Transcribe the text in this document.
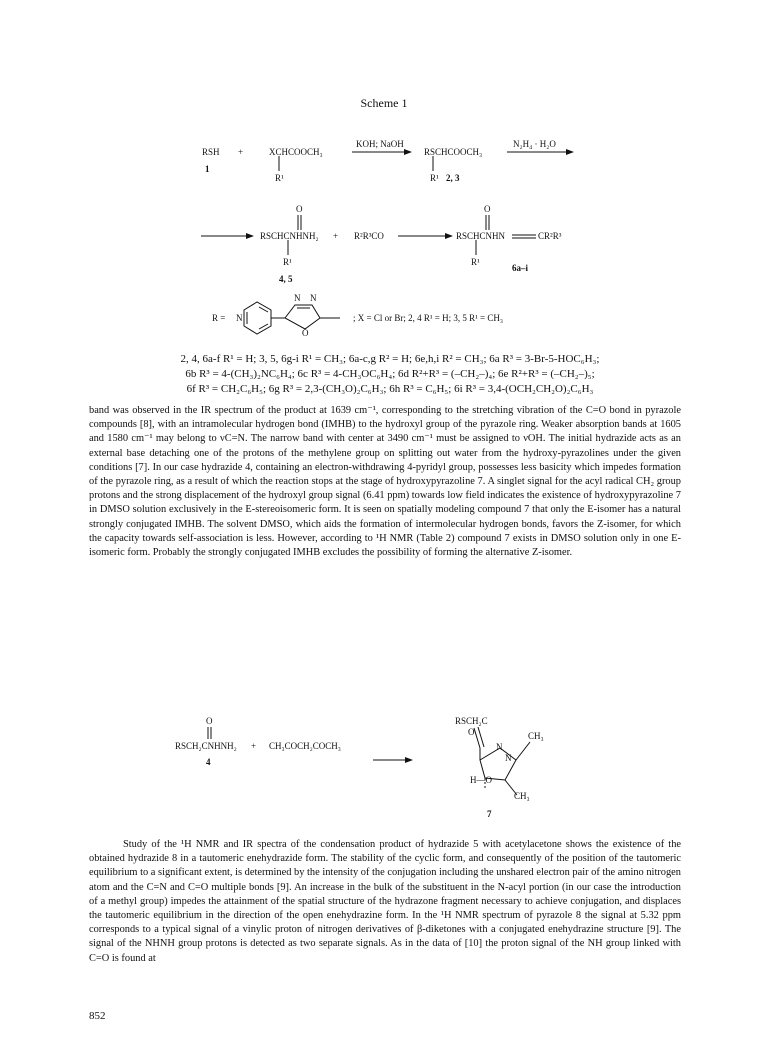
Scheme 1
RSH +	XCHCOOCH₃
R¹
1
KOH; NaOH
RSCHCOOCH₃
R¹ 2, 3
N₂H₄ · H₂O
O
RSCHCNHNH₂
R¹
4, 5
+ R²R³CO
O
RSCHCNHN	CR²R³
R¹
6a–i
R = N
N N
O
; X = Cl or Br; 2, 4 R¹ = H; 3, 5 R¹ = CH₃
2, 4, 6a-f R¹ = H; 3, 5, 6g-i R¹ = CH₃; 6a-c,g R² = H; 6e,h,i R² = CH₃; 6a R³ = 3-Br-5-HOC₆H₃;
6b R³ = 4-(CH₃)₂NC₆H₄; 6c R³ = 4-CH₃OC₆H₄; 6d R²+R³ = (–CH₂–)₄; 6e R²+R³ = (–CH₂–)₅;
6f R³ = CH₂C₆H₅; 6g R³ = 2,3-(CH₃O)₂C₆H₃; 6h R³ = C₆H₅; 6i R³ = 3,4-(OCH₂CH₂O)₂C₆H₃
band was observed in the IR spectrum of the product at 1639 cm⁻¹, corresponding to the stretching vibration of the C=O bond in pyrazole compounds [8], with an intramolecular hydrogen bond (IMHB) to the hydroxyl group of the pyrazole ring. Weaker absorption bands at 1605 and 1580 cm⁻¹ may belong to νC=N. The narrow band with center at 3490 cm⁻¹ must be assigned to νOH. The initial hydrazide acts as an external base detaching one of the protons of the methylene group on splitting out water from the hydroxy-pyrazolines under the given conditions [7]. In our case hydrazide 4, containing an electron-withdrawing 4-pyridyl group, possesses less basicity which impedes formation of the pyrazole ring, as a result of which the reaction stops at the stage of hydroxypyrazoline 7. A singlet signal for the acyl radical CH₂ group protons and the strong displacement of the hydroxyl group signal (6.41 ppm) towards low field indicates the existence of hydroxypyrazoline 7 in DMSO solution exclusively in the E-stereoisomeric form. It is seen on spatially modeling compound 7 that only the E-isomer has a natural strongly conjugated IMHB. The solvent DMSO, which aids the formation of intermolecular hydrogen bonds, favors the Z-isomer, for which the capacity towards self-association is less. However, according to ¹H NMR (Table 2) compound 7 exists in DMSO solution only in one E-isomeric form. Probably the strongly conjugated IMHB excludes the possibility of forming the alternative Z-isomer.
O
RSCH₂CNHNH₂
4
+ CH₃COCH₂COCH₃
RSCH₂C
O
N
N
CH₃
H—O
CH₃
7
Study of the ¹H NMR and IR spectra of the condensation product of hydrazide 5 with acetylacetone shows the existence of the obtained hydrazide 8 in a tautomeric enehydrazide form. The stability of the cyclic form, and consequently of the position of the tautomeric equilibrium to a significant extent, is determined by the intensity of the conjugation including the unshared electron pair of the amino nitrogen atom and the C=N and C=O multiple bonds [9]. An increase in the bulk of the substituent in the N-acyl portion (in our case the introduction of a methyl group) impedes the attainment of the spatial structure of the hydrazone fragment necessary to achieve conjugation, and displaces the tautomeric equilibrium in the direction of the open enehydrazine form. In the ¹H NMR spectrum of pyrazole 8 the signal at 5.32 ppm corresponds to a typical signal of a vinylic proton of nitrogen derivatives of β-diketones with a conjugated enehydrazine structure [9]. The signal of the NHNH group protons is detected as two separate signals. As in the data of [10] the proton signal of the NH group linked with C=O is found at
852
